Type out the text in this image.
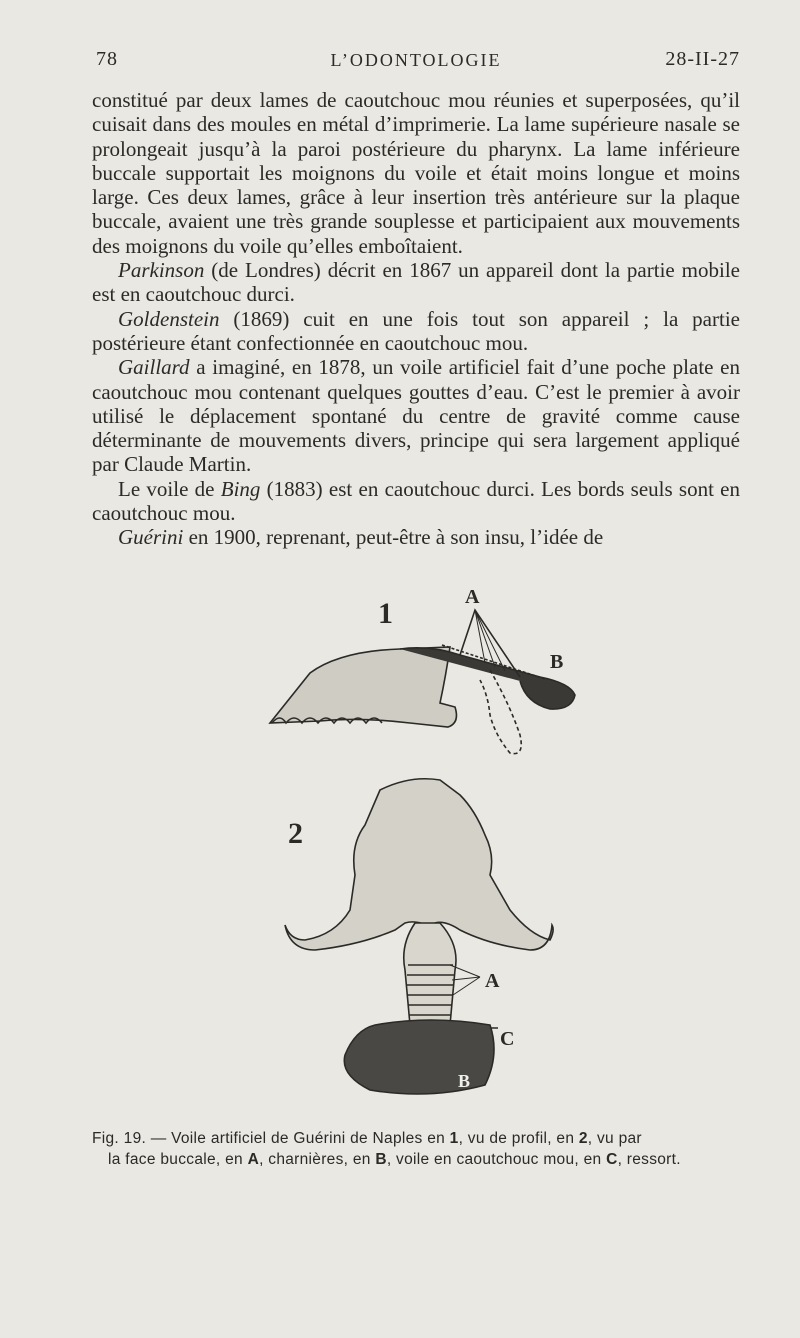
78	L’ODONTOLOGIE	28-II-27

constitué par deux lames de caoutchouc mou réunies et superposées, qu’il cuisait dans des moules en métal d’imprimerie. La lame supérieure nasale se prolongeait jusqu’à la paroi postérieure du pharynx. La lame inférieure buccale supportait les moignons du voile et était moins longue et moins large. Ces deux lames, grâce à leur insertion très antérieure sur la plaque buccale, avaient une très grande souplesse et participaient aux mouvements des moignons du voile qu’elles emboîtaient.

Parkinson (de Londres) décrit en 1867 un appareil dont la partie mobile est en caoutchouc durci.

Goldenstein (1869) cuit en une fois tout son appareil ; la partie postérieure étant confectionnée en caoutchouc mou.

Gaillard a imaginé, en 1878, un voile artificiel fait d’une poche plate en caoutchouc mou contenant quelques gouttes d’eau. C’est le premier à avoir utilisé le déplacement spontané du centre de gravité comme cause déterminante de mouvements divers, principe qui sera largement appliqué par Claude Martin.

Le voile de Bing (1883) est en caoutchouc durci. Les bords seuls sont en caoutchouc mou.

Guérini en 1900, reprenant, peut-être à son insu, l’idée de

1	A
B
2
A
C
B
Fig. 19. — Voile artificiel de Guérini de Naples en 1, vu de profil, en 2, vu par
la face buccale, en A, charnières, en B, voile en caoutchouc mou, en C, ressort.
